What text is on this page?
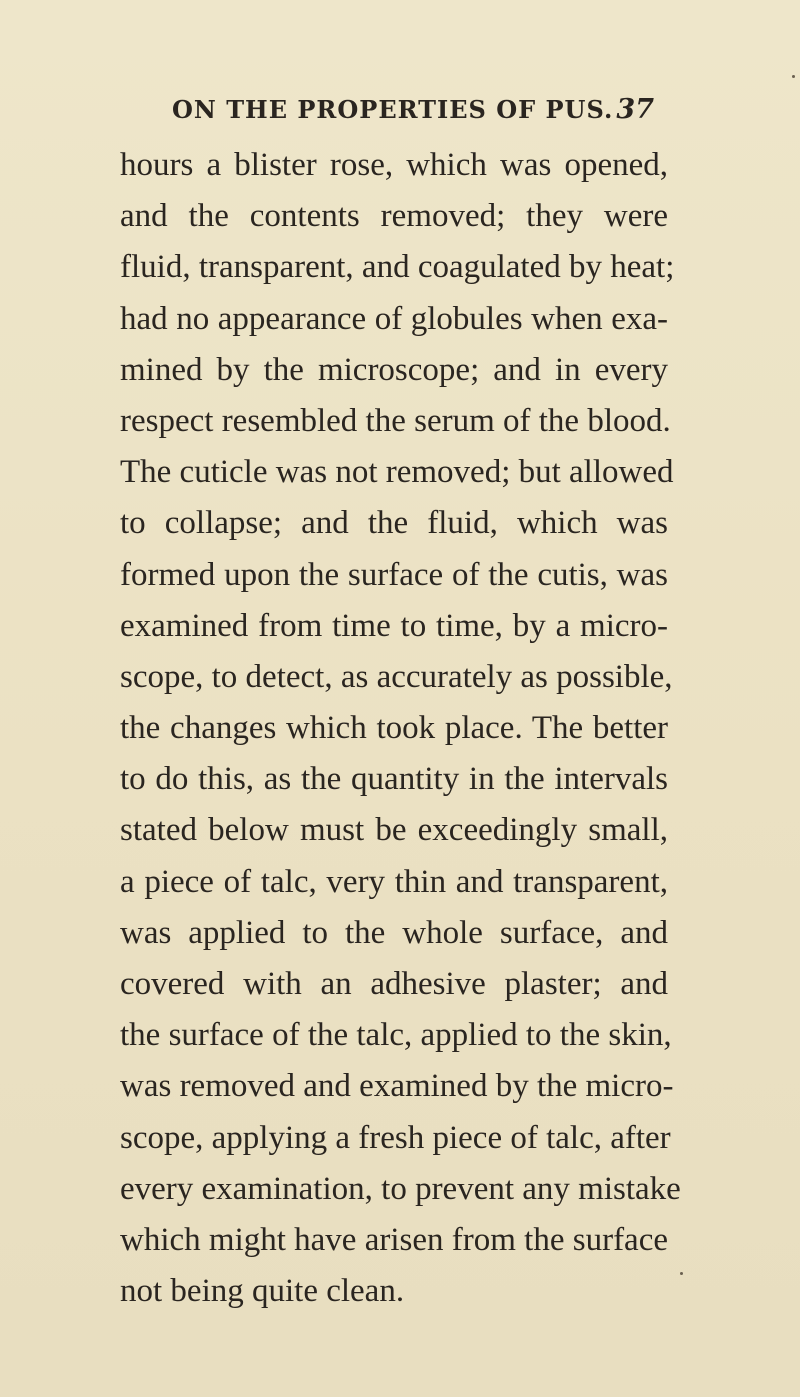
ON THE PROPERTIES OF PUS. 37
hours a blister rose, which was opened,
and the contents removed; they were
fluid, transparent, and coagulated by heat;
had no appearance of globules when exa-
mined by the microscope; and in every
respect resembled the serum of the blood.
The cuticle was not removed; but allowed
to collapse; and the fluid, which was
formed upon the surface of the cutis, was
examined from time to time, by a micro-
scope, to detect, as accurately as possible,
the changes which took place. The better
to do this, as the quantity in the intervals
stated below must be exceedingly small,
a piece of talc, very thin and transparent,
was applied to the whole surface, and
covered with an adhesive plaster; and
the surface of the talc, applied to the skin,
was removed and examined by the micro-
scope, applying a fresh piece of talc, after
every examination, to prevent any mistake
which might have arisen from the surface
not being quite clean.
